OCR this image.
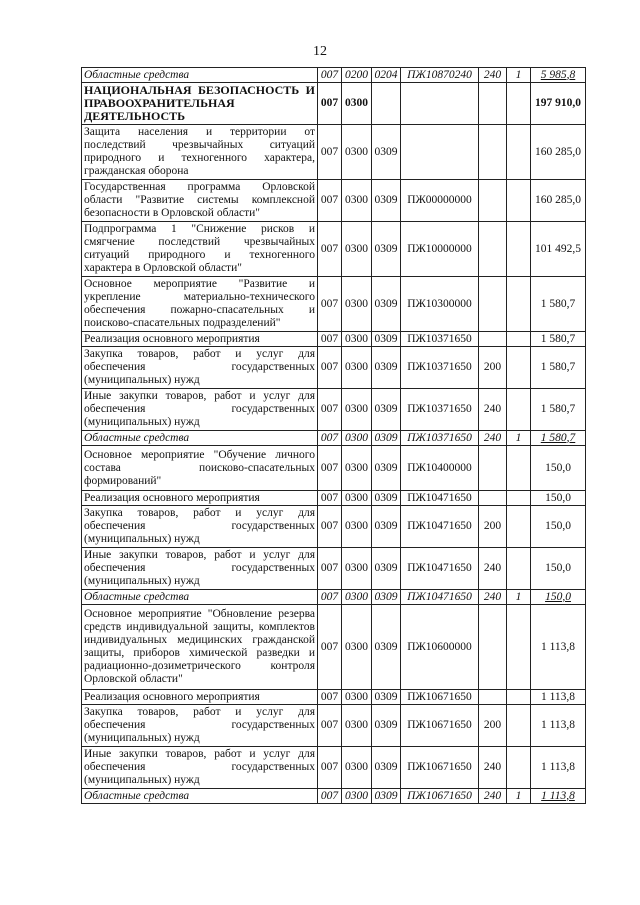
12
Областные средства	007	0200	0204	ПЖ10870240	240	1	5 985,8
НАЦИОНАЛЬНАЯ БЕЗОПАСНОСТЬ И ПРАВООХРАНИТЕЛЬНАЯ ДЕЯТЕЛЬНОСТЬ	007	0300					197 910,0
Защита населения и территории от последствий чрезвычайных ситуаций природного и техногенного характера, гражданская оборона	007	0300	0309				160 285,0
Государственная программа Орловской области "Развитие системы комплексной безопасности в Орловской области"	007	0300	0309	ПЖ00000000			160 285,0
Подпрограмма 1 "Снижение рисков и смягчение последствий чрезвычайных ситуаций природного и техногенного характера в Орловской области"	007	0300	0309	ПЖ10000000			101 492,5
Основное мероприятие "Развитие и укрепление материально-технического обеспечения пожарно-спасательных и поисково-спасательных подразделений"	007	0300	0309	ПЖ10300000			1 580,7
Реализация основного мероприятия	007	0300	0309	ПЖ10371650			1 580,7
Закупка товаров, работ и услуг для обеспечения государственных (муниципальных) нужд	007	0300	0309	ПЖ10371650	200		1 580,7
Иные закупки товаров, работ и услуг для обеспечения государственных (муниципальных) нужд	007	0300	0309	ПЖ10371650	240		1 580,7
Областные средства	007	0300	0309	ПЖ10371650	240	1	1 580,7
Основное мероприятие "Обучение личного состава поисково-спасательных формирований"	007	0300	0309	ПЖ10400000			150,0
Реализация основного мероприятия	007	0300	0309	ПЖ10471650			150,0
Закупка товаров, работ и услуг для обеспечения государственных (муниципальных) нужд	007	0300	0309	ПЖ10471650	200		150,0
Иные закупки товаров, работ и услуг для обеспечения государственных (муниципальных) нужд	007	0300	0309	ПЖ10471650	240		150,0
Областные средства	007	0300	0309	ПЖ10471650	240	1	150,0
Основное мероприятие "Обновление резерва средств индивидуальной защиты, комплектов индивидуальных медицинских гражданской защиты, приборов химической разведки и радиационно-дозиметрического контроля Орловской области"	007	0300	0309	ПЖ10600000			1 113,8
Реализация основного мероприятия	007	0300	0309	ПЖ10671650			1 113,8
Закупка товаров, работ и услуг для обеспечения государственных (муниципальных) нужд	007	0300	0309	ПЖ10671650	200		1 113,8
Иные закупки товаров, работ и услуг для обеспечения государственных (муниципальных) нужд	007	0300	0309	ПЖ10671650	240		1 113,8
Областные средства	007	0300	0309	ПЖ10671650	240	1	1 113,8
